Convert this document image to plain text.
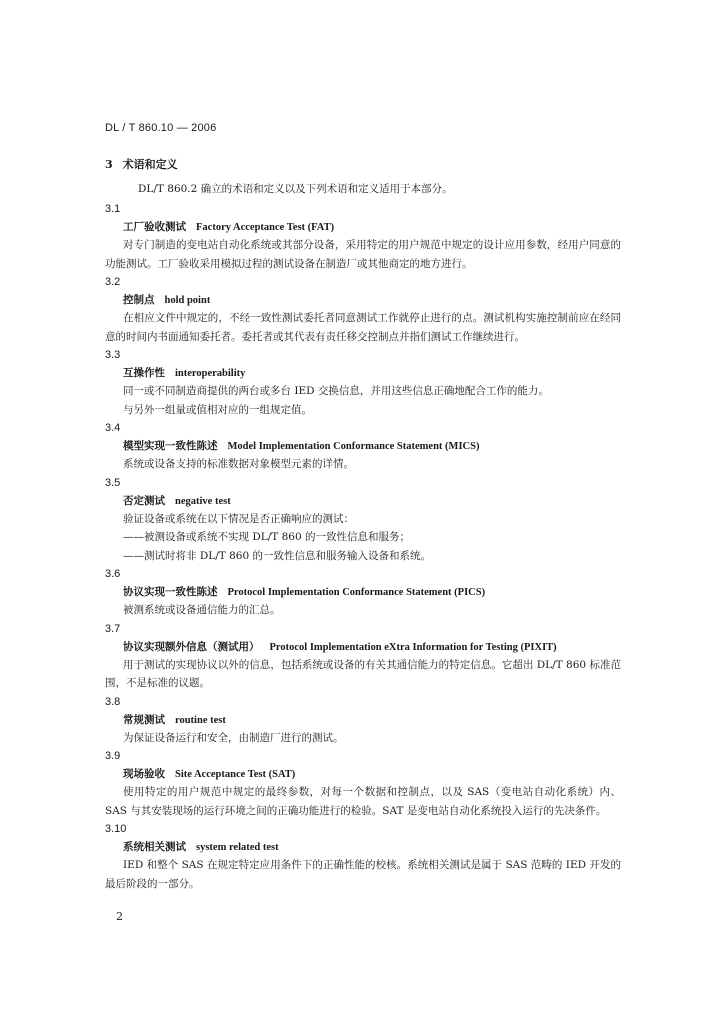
DL / T 860.10 — 2006
3 术语和定义
DL/T 860.2 确立的术语和定义以及下列术语和定义适用于本部分。
3.1
工厂验收测试 Factory Acceptance Test (FAT)
对专门制造的变电站自动化系统或其部分设备，采用特定的用户规范中规定的设计应用参数，经用户同意的功能测试。工厂验收采用模拟过程的测试设备在制造厂或其他商定的地方进行。
3.2
控制点 hold point
在相应文件中规定的，不经一致性测试委托者同意测试工作就停止进行的点。测试机构实施控制前应在经同意的时间内书面通知委托者。委托者或其代表有责任移交控制点并指们测试工作继续进行。
3.3
互操作性 interoperability
同一或不同制造商提供的两台或多台 IED 交换信息，并用这些信息正确地配合工作的能力。
与另外一组量或值相对应的一组规定值。
3.4
模型实现一致性陈述 Model Implementation Conformance Statement (MICS)
系统或设备支持的标准数据对象模型元素的详情。
3.5
否定测试 negative test
验证设备或系统在以下情况是否正确响应的测试：
——被测设备或系统不实现 DL/T 860 的一致性信息和服务；
——测试时将非 DL/T 860 的一致性信息和服务输入设备和系统。
3.6
协议实现一致性陈述 Protocol Implementation Conformance Statement (PICS)
被测系统或设备通信能力的汇总。
3.7
协议实现额外信息（测试用） Protocol Implementation eXtra Information for Testing (PIXIT)
用于测试的实现协议以外的信息，包括系统或设备的有关其通信能力的特定信息。它超出 DL/T 860 标准范围，不是标准的议题。
3.8
常规测试 routine test
为保证设备运行和安全，由制造厂进行的测试。
3.9
现场验收 Site Acceptance Test (SAT)
使用特定的用户规范中规定的最终参数，对每一个数据和控制点，以及 SAS（变电站自动化系统）内、SAS 与其安装现场的运行环境之间的正确功能进行的检验。SAT 是变电站自动化系统投入运行的先决条件。
3.10
系统相关测试 system related test
IED 和整个 SAS 在规定特定应用条件下的正确性能的校核。系统相关测试是属于 SAS 范畴的 IED 开发的最后阶段的一部分。
2
